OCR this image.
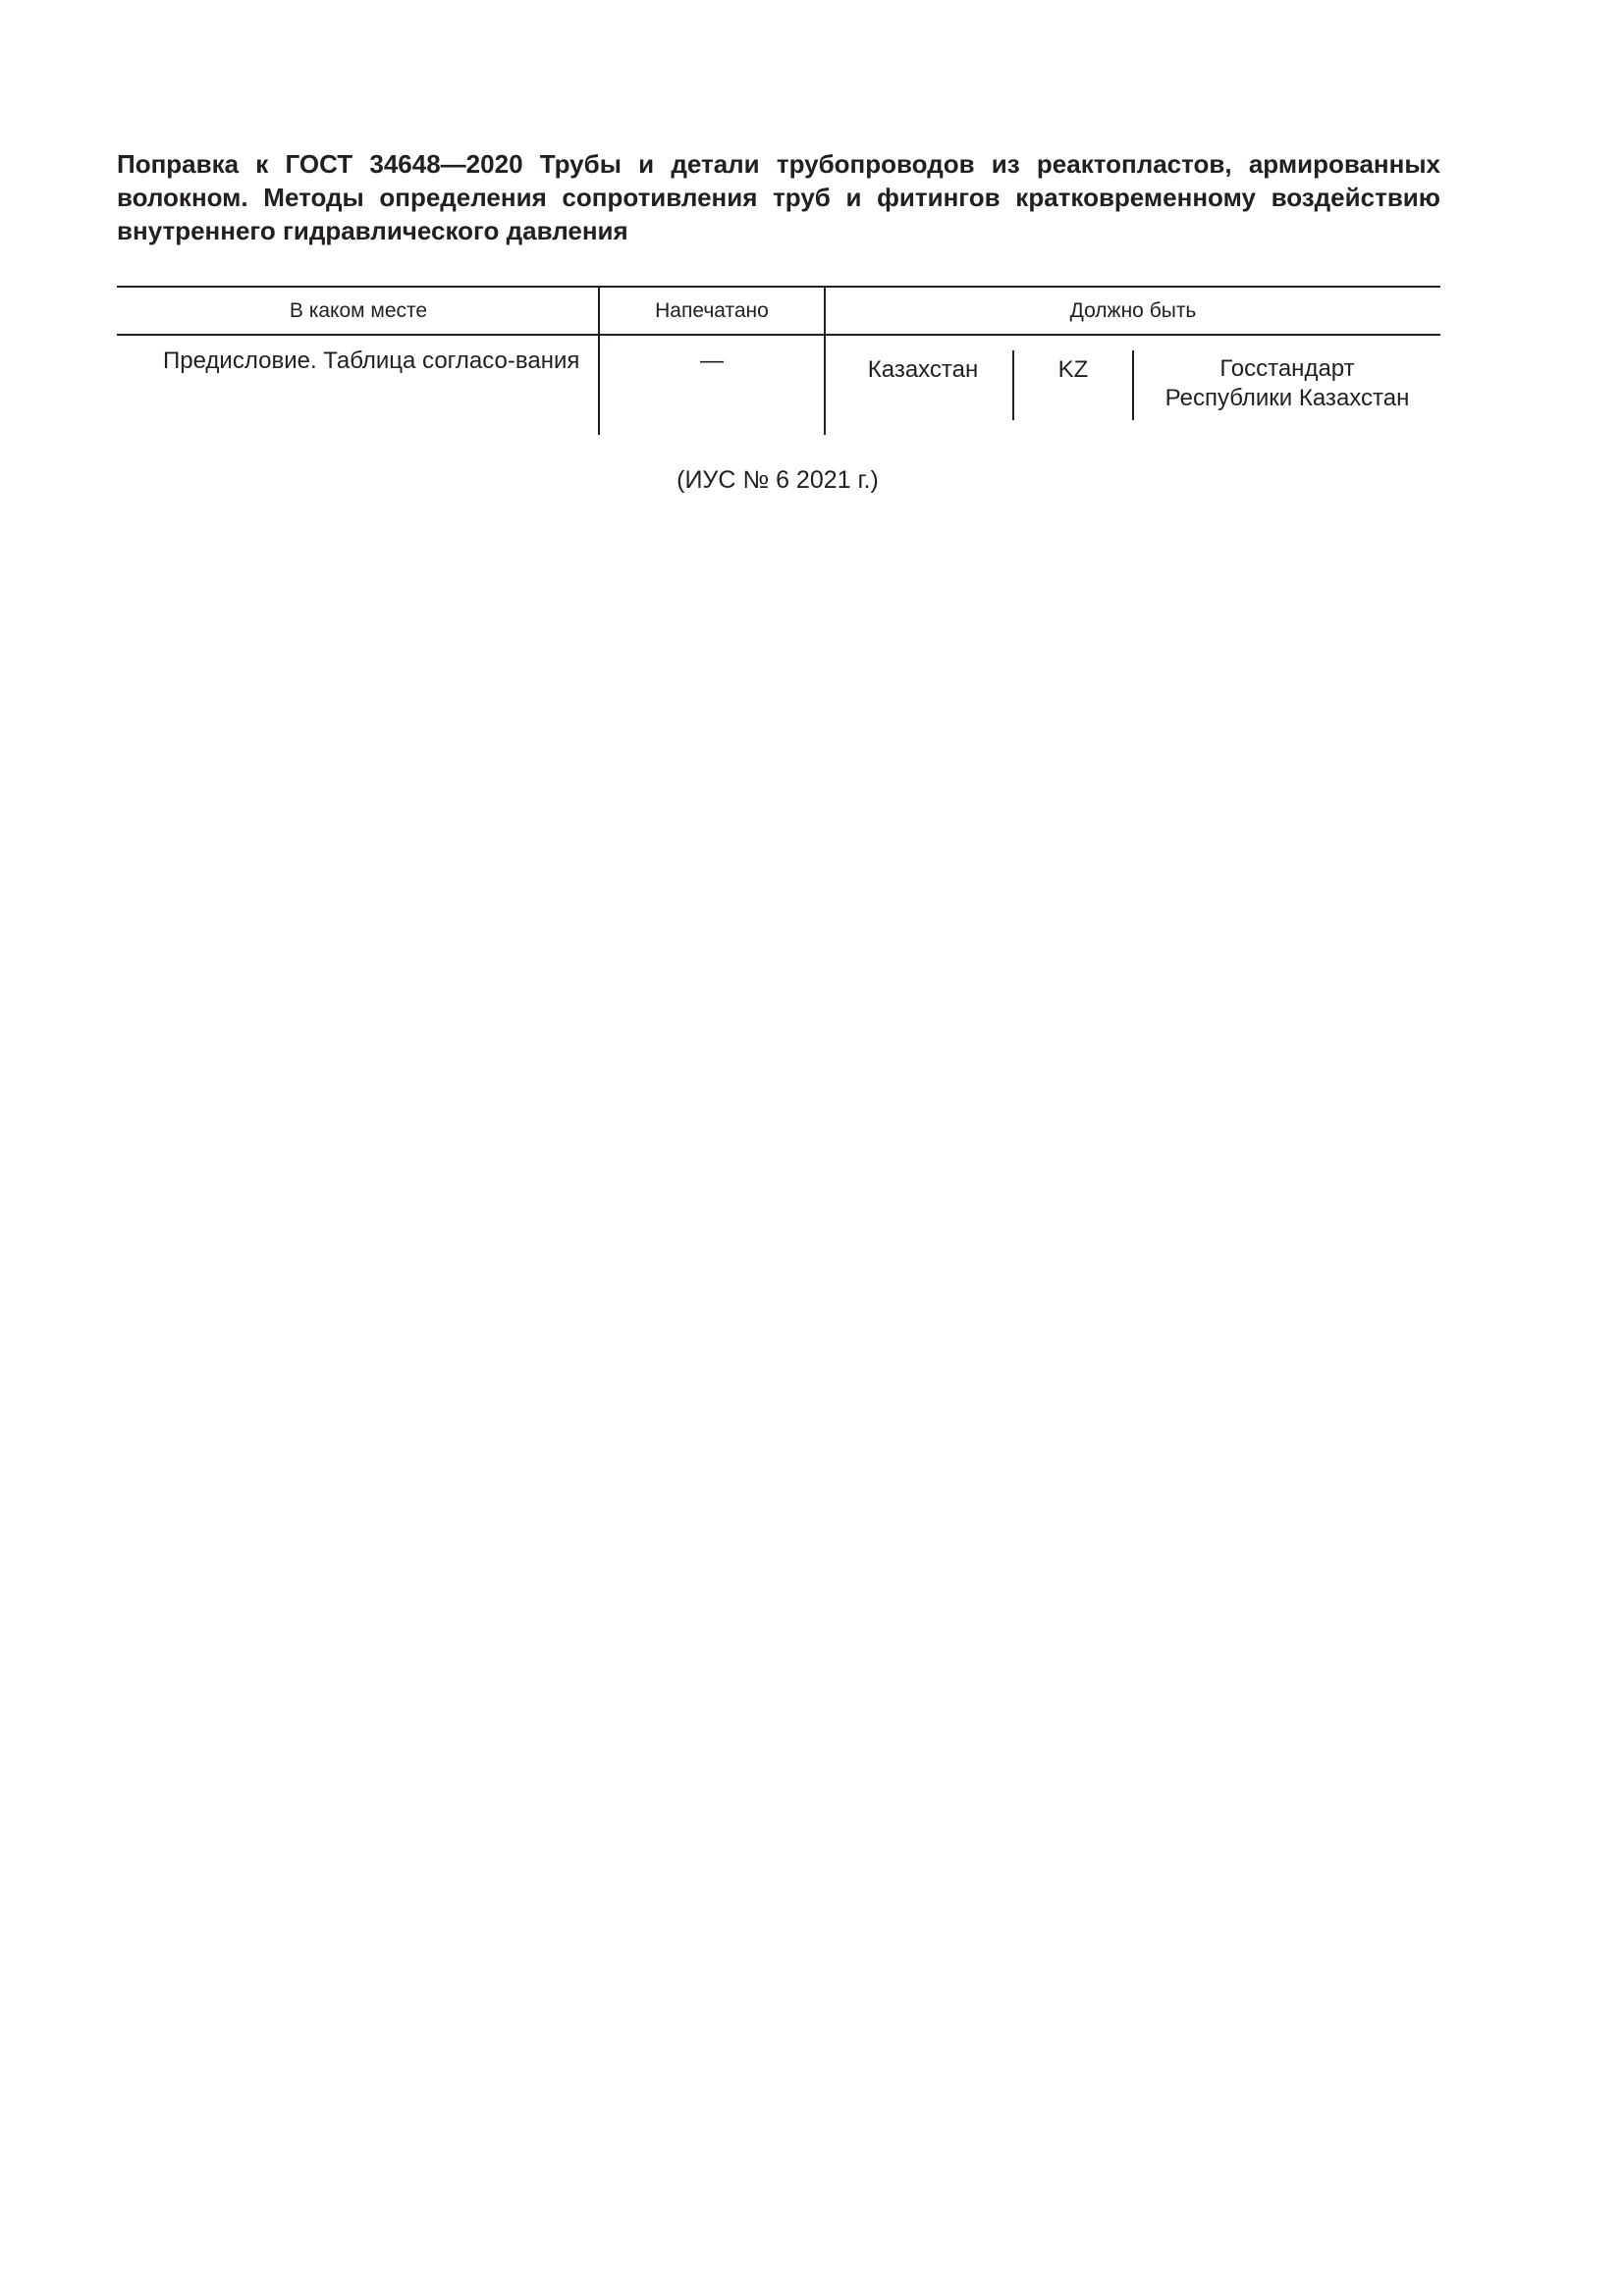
Поправка к ГОСТ 34648—2020 Трубы и детали трубопроводов из реактопластов, армированных
волокном. Методы определения сопротивления труб и фитингов кратковременному воздействию
внутреннего гидравлического давления

В каком месте	Напечатано	Должно быть

Предисловие. Таблица согласо-вания	—	Казахстан	KZ	Госстандарт
Республики Казахстан

(ИУС № 6 2021 г.)
